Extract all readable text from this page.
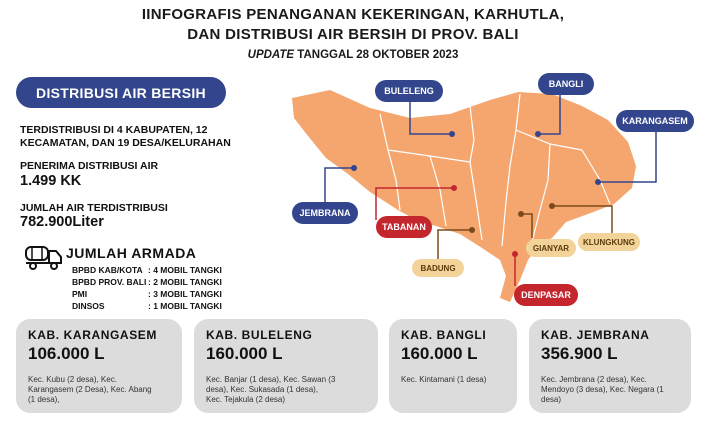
IINFOGRAFIS PENANGANAN KEKERINGAN, KARHUTLA,
DAN DISTRIBUSI AIR BERSIH DI PROV. BALI
UPDATE TANGGAL 28 OKTOBER 2023
DISTRIBUSI AIR BERSIH
TERDISTRIBUSI DI 4 KABUPATEN, 12
KECAMATAN, DAN 19 DESA/KELURAHAN
PENERIMA DISTRIBUSI AIR
1.499 KK
JUMLAH AIR TERDISTRIBUSI
782.900Liter
JUMLAH ARMADA
BPBD KAB/KOTA : 4 MOBIL TANGKI
BPBD PROV. BALI : 2 MOBIL TANGKI
PMI	: 3 MOBIL TANGKI
DINSOS	: 1 MOBIL TANGKI
BULELENG
BANGLI
KARANGASEM
JEMBRANA
TABANAN
GIANYAR
KLUNGKUNG
BADUNG
DENPASAR
KAB. KARANGASEM
106.000 L
Kec. Kubu (2 desa), Kec.
Karangasem (2 Desa), Kec. Abang
(1 desa),
KAB. BULELENG
160.000 L
Kec. Banjar (1 desa), Kec. Sawan (3
desa), Kec. Sukasada (1 desa),
Kec. Tejakula (2 desa)
KAB. BANGLI
160.000 L
Kec. Kintamani (1 desa)
KAB. JEMBRANA
356.900 L
Kec. Jembrana (2 desa), Kec.
Mendoyo (3 desa), Kec. Negara (1
desa)
